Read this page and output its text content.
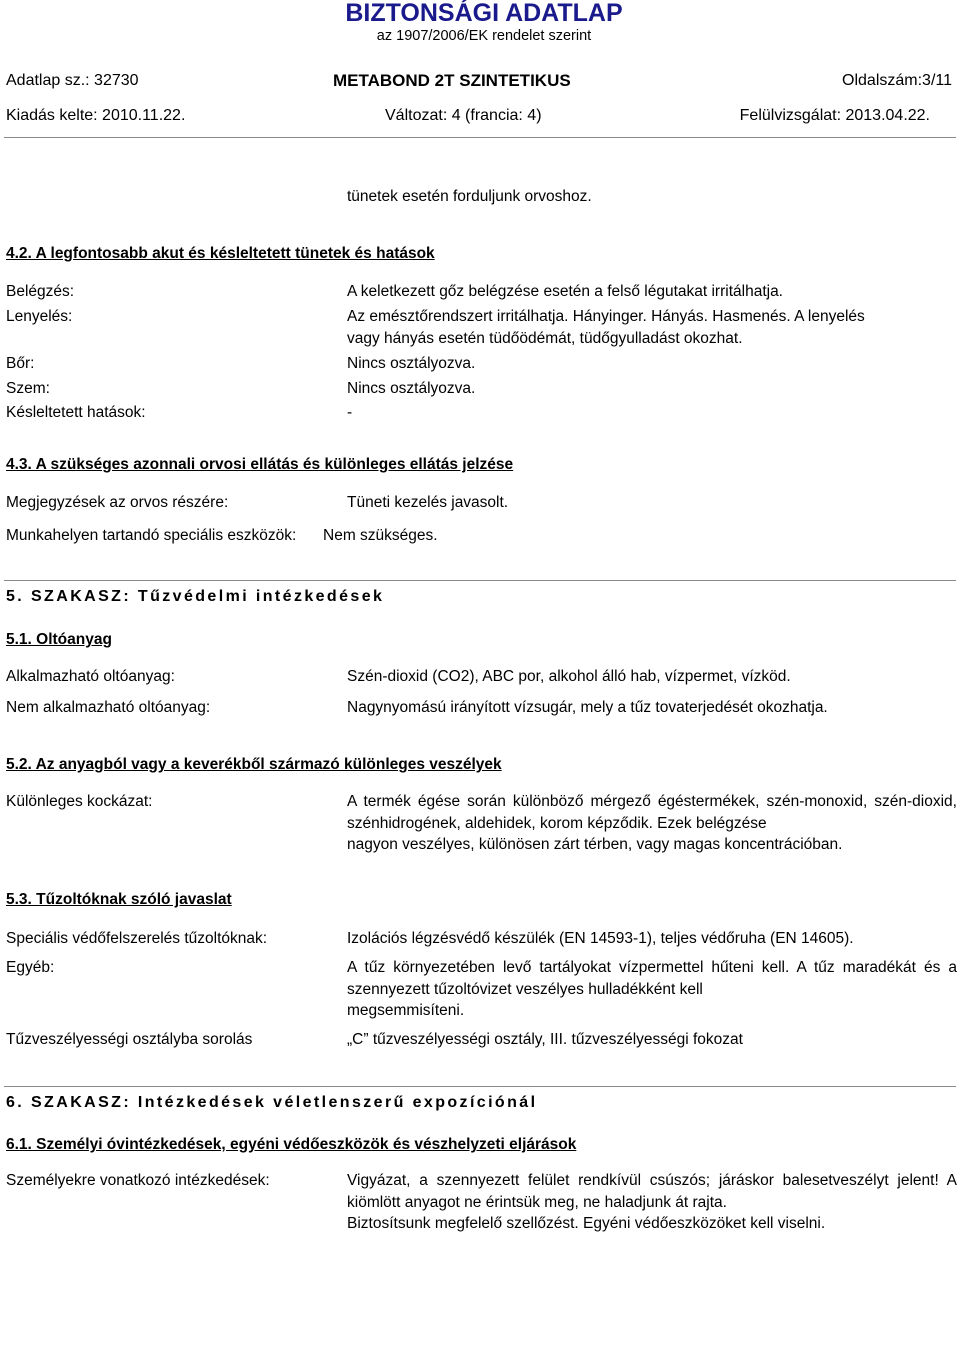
BIZTONSÁGI ADATLAP
az 1907/2006/EK rendelet szerint
Adatlap sz.: 32730	METABOND 2T SZINTETIKUS	Oldalszám:3/11
Kiadás kelte: 2010.11.22.	Változat: 4 (francia: 4)	Felülvizsgálat: 2013.04.22.
tünetek esetén forduljunk orvoshoz.
4.2. A legfontosabb akut és késleltetett tünetek és hatások
Belégzés:	A keletkezett gőz belégzése esetén a felső légutakat irritálhatja.
Lenyelés:	Az emésztőrendszert irritálhatja. Hányinger. Hányás. Hasmenés. A lenyelés
vagy hányás esetén tüdőödémát, tüdőgyulladást okozhat.
Bőr:	Nincs osztályozva.
Szem:	Nincs osztályozva.
Késleltetett hatások:	-
4.3. A szükséges azonnali orvosi ellátás és különleges ellátás jelzése
Megjegyzések az orvos részére:	Tüneti kezelés javasolt.
Munkahelyen tartandó speciális eszközök: Nem szükséges.
5. SZAKASZ: Tűzvédelmi intézkedések
5.1. Oltóanyag
Alkalmazható oltóanyag:	Szén-dioxid (CO2), ABC por, alkohol álló hab, vízpermet, vízköd.
Nem alkalmazható oltóanyag:	Nagynyomású irányított vízsugár, mely a tűz tovaterjedését okozhatja.
5.2. Az anyagból vagy a keverékből származó különleges veszélyek
Különleges kockázat:	A termék égése során különböző mérgező égéstermékek, szén-monoxid, szén-dioxid, szénhidrogének, aldehidek, korom képződik. Ezek belégzése
nagyon veszélyes, különösen zárt térben, vagy magas koncentrációban.
5.3. Tűzoltóknak szóló javaslat
Speciális védőfelszerelés tűzoltóknak:	Izolációs légzésvédő készülék (EN 14593-1), teljes védőruha (EN 14605).
Egyéb:	A tűz környezetében levő tartályokat vízpermettel hűteni kell. A tűz maradékát és a szennyezett tűzoltóvizet veszélyes hulladékként kell
megsemmisíteni.
Tűzveszélyességi osztályba sorolás	„C” tűzveszélyességi osztály, III. tűzveszélyességi fokozat
6. SZAKASZ: Intézkedések véletlenszerű expozíciónál
6.1. Személyi óvintézkedések, egyéni védőeszközök és vészhelyzeti eljárások
Személyekre vonatkozó intézkedések:	Vigyázat, a szennyezett felület rendkívül csúszós; járáskor balesetveszélyt jelent! A kiömlött anyagot ne érintsük meg, ne haladjunk át rajta.
Biztosítsunk megfelelő szellőzést. Egyéni védőeszközöket kell viselni.
